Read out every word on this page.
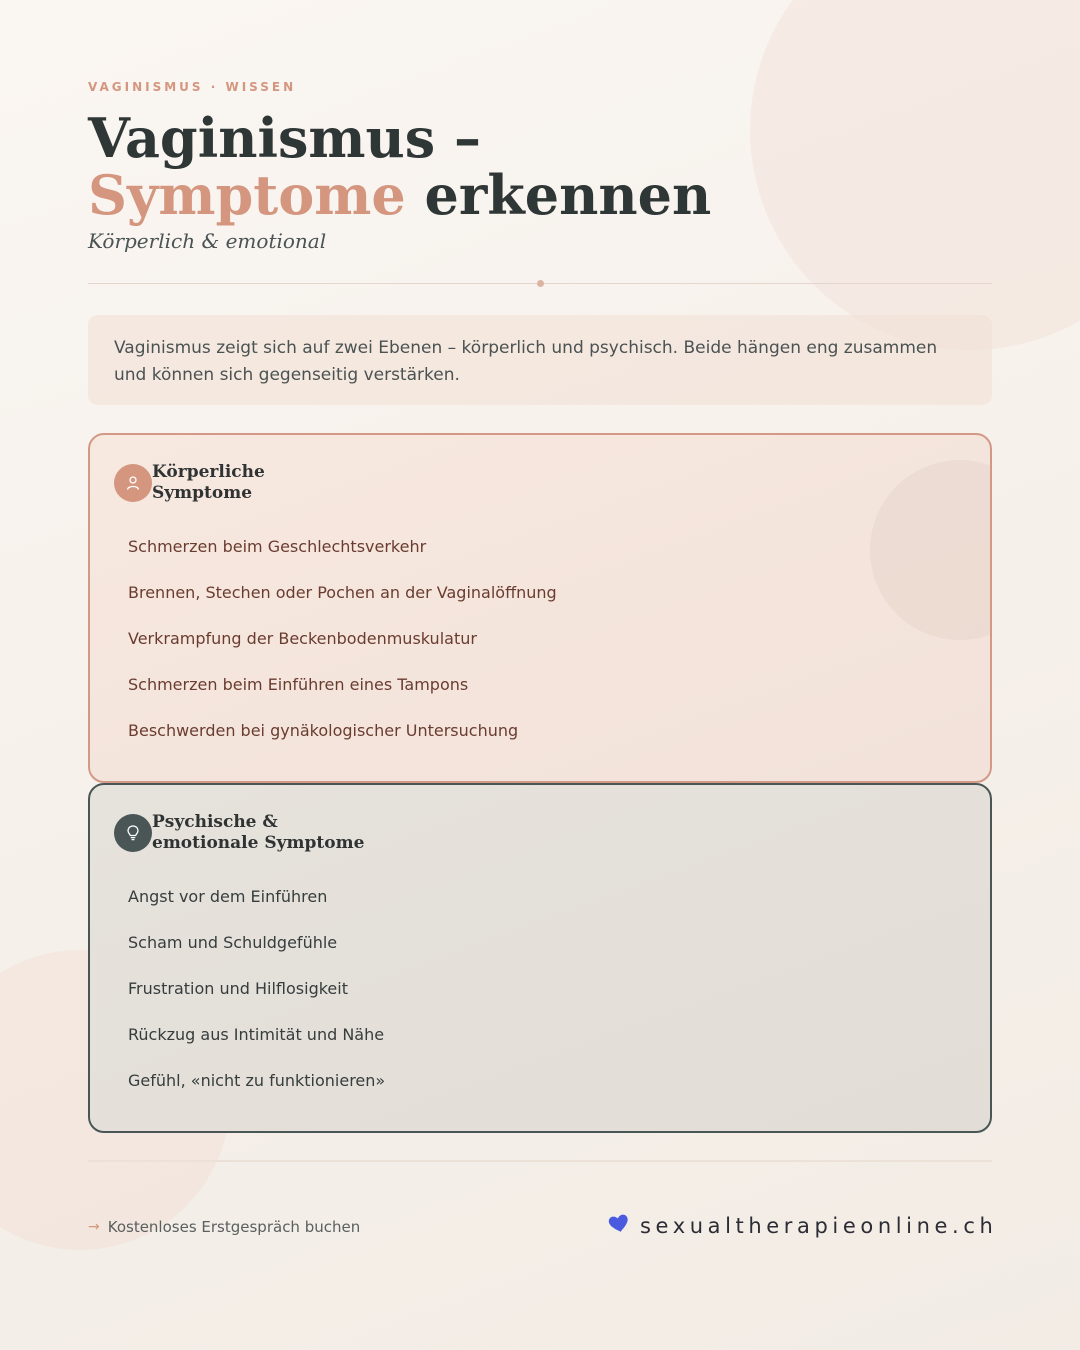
VAGINISMUS · WISSEN
Vaginismus –
Symptome erkennen
Körperlich & emotional
Vaginismus zeigt sich auf zwei Ebenen – körperlich und psychisch. Beide hängen eng zusammen und können sich gegenseitig verstärken.
Körperliche
Symptome
Schmerzen beim Geschlechtsverkehr
Brennen, Stechen oder Pochen an der Vaginalöffnung
Verkrampfung der Beckenbodenmuskulatur
Schmerzen beim Einführen eines Tampons
Beschwerden bei gynäkologischer Untersuchung
Psychische &
emotionale Symptome
Angst vor dem Einführen
Scham und Schuldgefühle
Frustration und Hilflosigkeit
Rückzug aus Intimität und Nähe
Gefühl, «nicht zu funktionieren»
→ Kostenloses Erstgespräch buchen	sexualtherapieonline.ch
